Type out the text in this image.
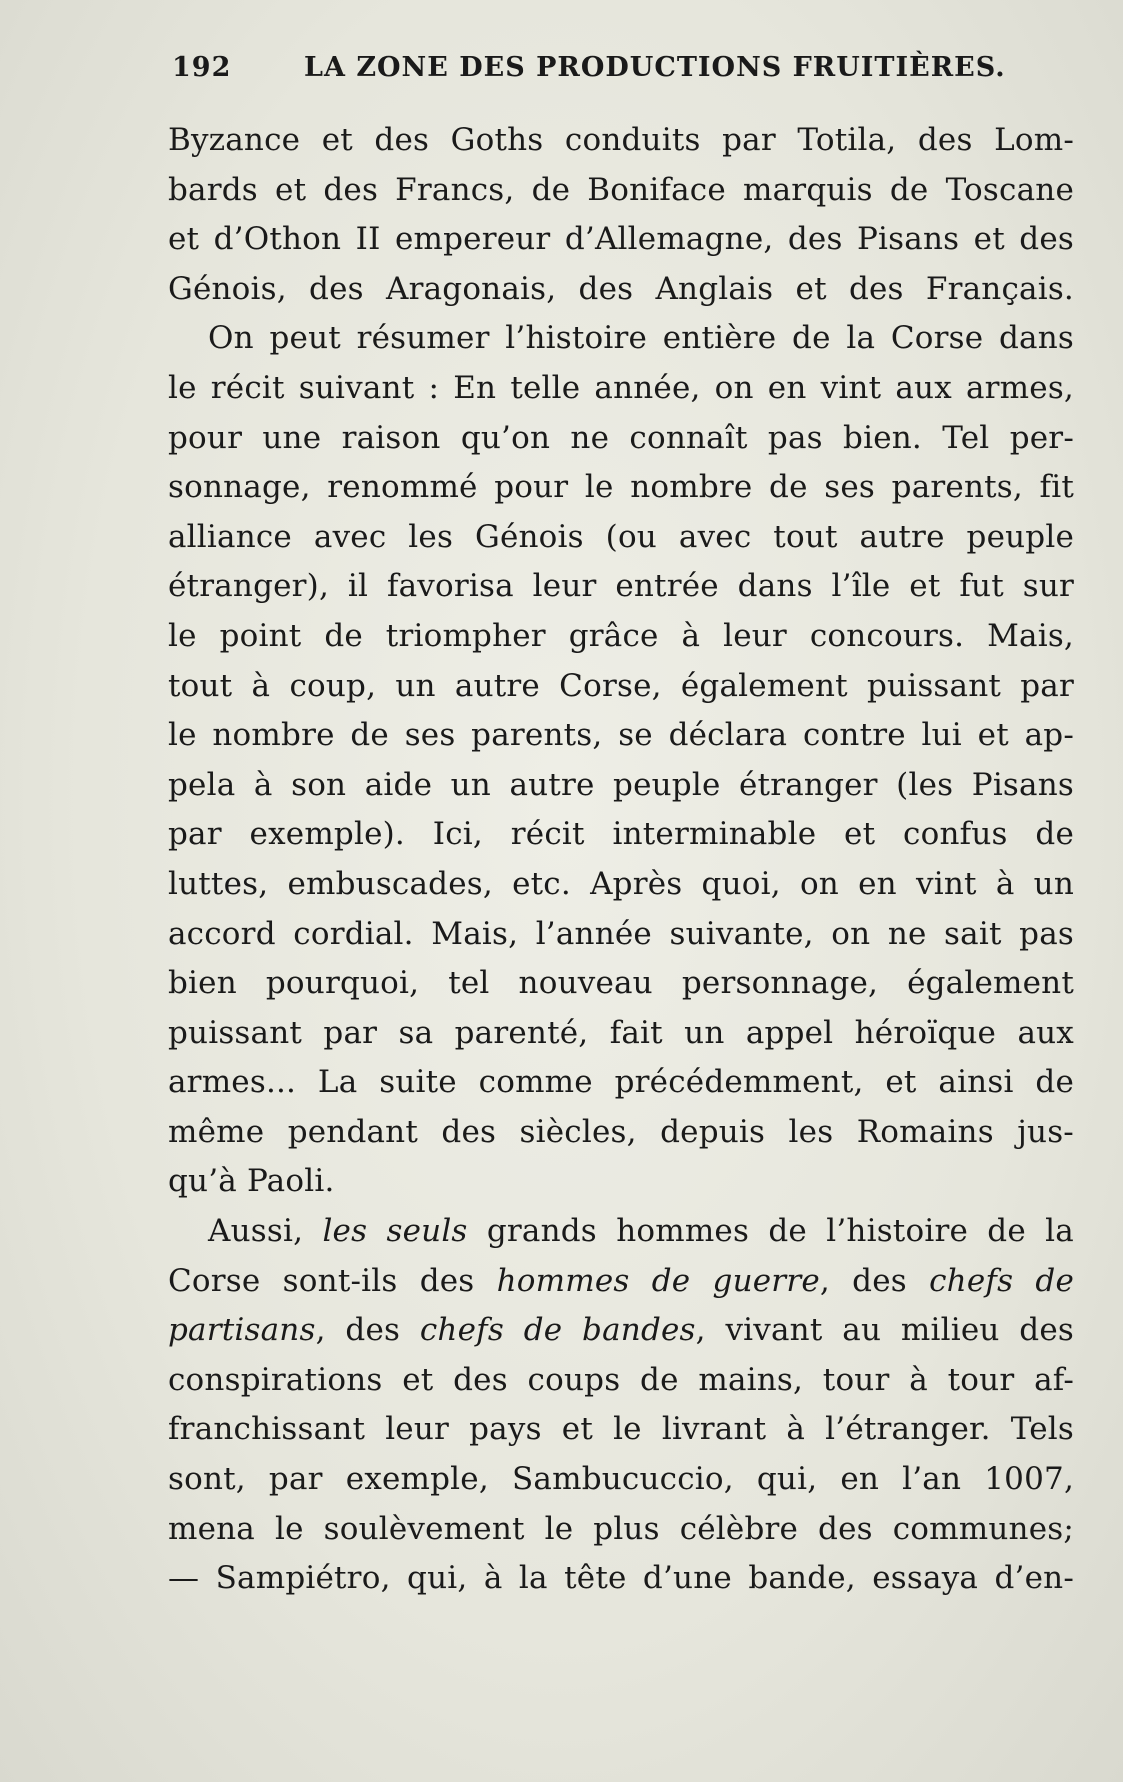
192	LA ZONE DES PRODUCTIONS FRUITIÈRES.
Byzance et des Goths conduits par Totila, des Lom-
bards et des Francs, de Boniface marquis de Toscane
et d’Othon II empereur d’Allemagne, des Pisans et des
Génois, des Aragonais, des Anglais et des Français.
On peut résumer l’histoire entière de la Corse dans
le récit suivant : En telle année, on en vint aux armes,
pour une raison qu’on ne connaît pas bien. Tel per-
sonnage, renommé pour le nombre de ses parents, fit
alliance avec les Génois (ou avec tout autre peuple
étranger), il favorisa leur entrée dans l’île et fut sur
le point de triompher grâce à leur concours. Mais,
tout à coup, un autre Corse, également puissant par
le nombre de ses parents, se déclara contre lui et ap-
pela à son aide un autre peuple étranger (les Pisans
par exemple). Ici, récit interminable et confus de
luttes, embuscades, etc. Après quoi, on en vint à un
accord cordial. Mais, l’année suivante, on ne sait pas
bien pourquoi, tel nouveau personnage, également
puissant par sa parenté, fait un appel héroïque aux
armes... La suite comme précédemment, et ainsi de
même pendant des siècles, depuis les Romains jus-
qu’à Paoli.
Aussi, les seuls grands hommes de l’histoire de la
Corse sont-ils des hommes de guerre, des chefs de
partisans, des chefs de bandes, vivant au milieu des
conspirations et des coups de mains, tour à tour af-
franchissant leur pays et le livrant à l’étranger. Tels
sont, par exemple, Sambucuccio, qui, en l’an 1007,
mena le soulèvement le plus célèbre des communes;
— Sampiétro, qui, à la tête d’une bande, essaya d’en-
